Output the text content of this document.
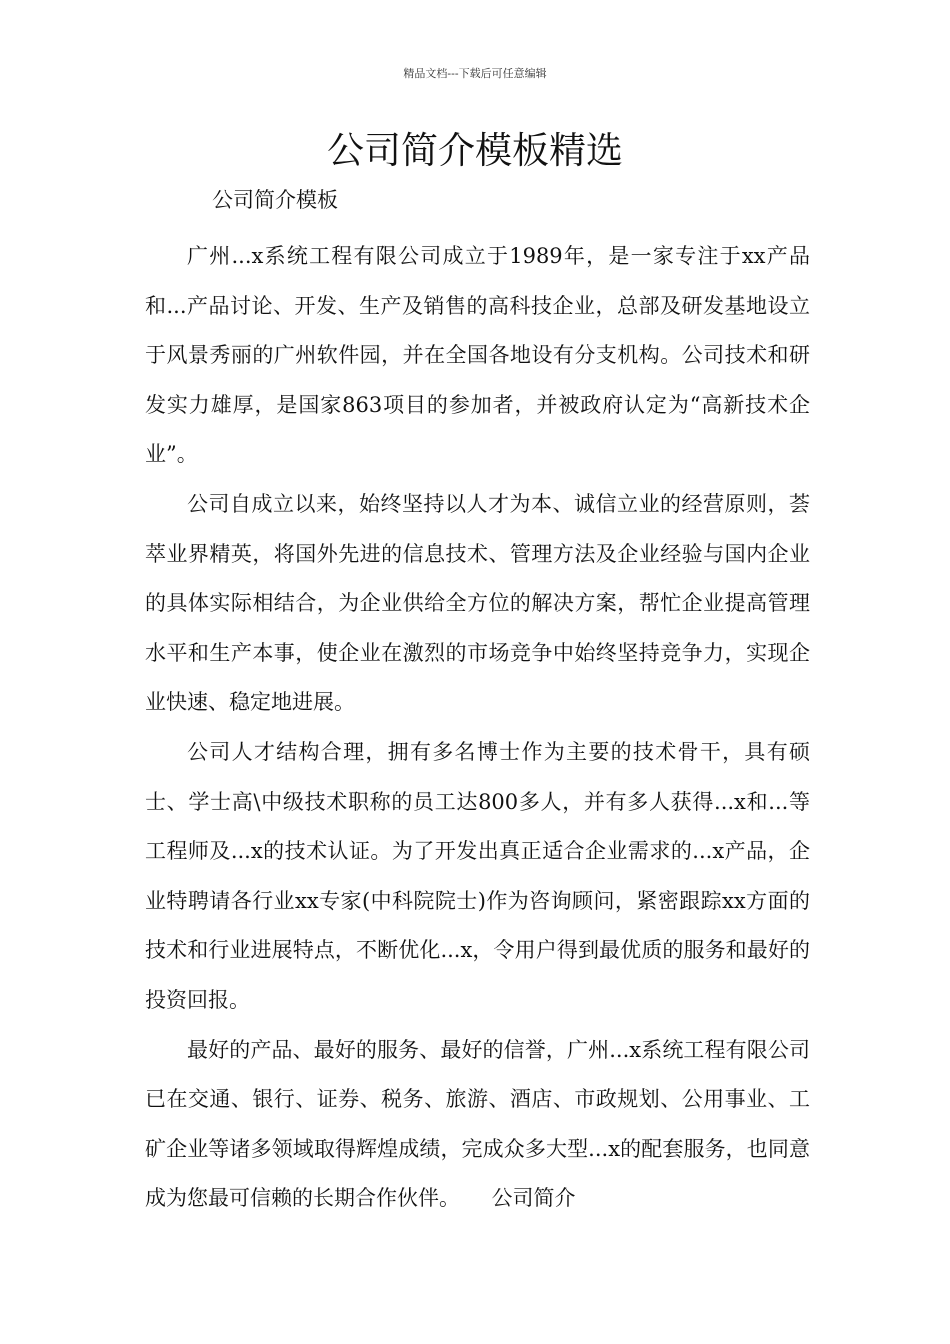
精品文档---下载后可任意编辑
公司简介模板精选
公司简介模板

广州...x系统工程有限公司成立于1989年，是一家专注于xx产品和...产品讨论、开发、生产及销售的高科技企业，总部及研发基地设立于风景秀丽的广州软件园，并在全国各地设有分支机构。公司技术和研发实力雄厚，是国家863项目的参加者，并被政府认定为“高新技术企业”。

公司自成立以来，始终坚持以人才为本、诚信立业的经营原则，荟萃业界精英，将国外先进的信息技术、管理方法及企业经验与国内企业的具体实际相结合，为企业供给全方位的解决方案，帮忙企业提高管理水平和生产本事，使企业在激烈的市场竞争中始终坚持竞争力，实现企业快速、稳定地进展。

公司人才结构合理，拥有多名博士作为主要的技术骨干，具有硕士、学士高\中级技术职称的员工达800多人，并有多人获得...x和...等工程师及...x的技术认证。为了开发出真正适合企业需求的...x产品，企业特聘请各行业xx专家(中科院院士)作为咨询顾问，紧密跟踪xx方面的技术和行业进展特点，不断优化...x，令用户得到最优质的服务和最好的投资回报。

最好的产品、最好的服务、最好的信誉，广州...x系统工程有限公司已在交通、银行、证券、税务、旅游、酒店、市政规划、公用事业、工矿企业等诸多领域取得辉煌成绩，完成众多大型...x的配套服务，也同意成为您最可信赖的长期合作伙伴。　　公司简介
